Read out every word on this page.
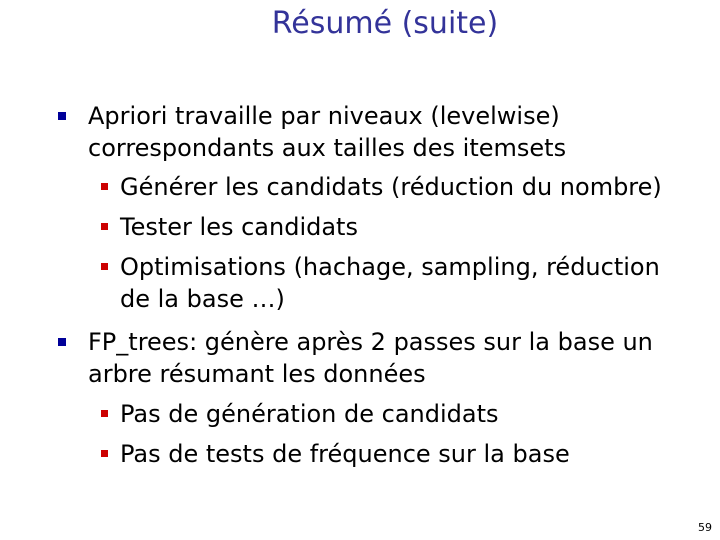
Résumé (suite)
Apriori travaille par niveaux (levelwise)
correspondants aux tailles des itemsets
Générer les candidats (réduction du nombre)
Tester les candidats
Optimisations (hachage, sampling, réduction
de la base …)
FP_trees: génère après 2 passes sur la base un
arbre résumant les données
Pas de génération de candidats
Pas de tests de fréquence sur la base
59
